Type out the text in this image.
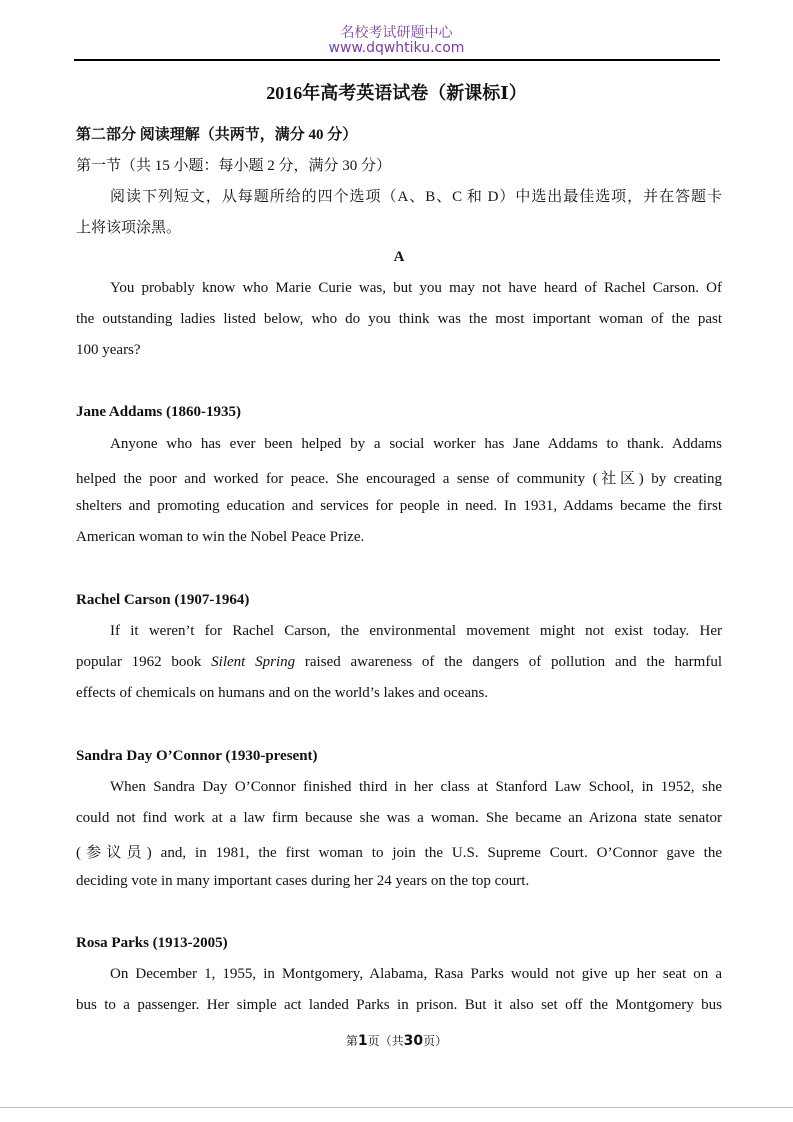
名校考试研题中心
www.dqwhtiku.com
2016年高考英语试卷（新课标Ⅰ）
第二部分 阅读理解（共两节，满分 40 分）
第一节（共 15 小题：每小题 2 分，满分 30 分）
阅读下列短文，从每题所给的四个选项（A、B、C 和 D）中选出最佳选项，并在答题卡
上将该项涂黑。
A
You probably know who Marie Curie was, but you may not have heard of Rachel Carson. Of
the outstanding ladies listed below, who do you think was the most important woman of the past
100 years?
Jane Addams (1860-1935)
Anyone who has ever been helped by a social worker has Jane Addams to thank. Addams
helped the poor and worked for peace. She encouraged a sense of community (社区) by creating
shelters and promoting education and services for people in need. In 1931, Addams became the first
American woman to win the Nobel Peace Prize.
Rachel Carson (1907-1964)
If it weren’t for Rachel Carson, the environmental movement might not exist today. Her
popular 1962 book Silent Spring raised awareness of the dangers of pollution and the harmful
effects of chemicals on humans and on the world’s lakes and oceans.
Sandra Day O’Connor (1930-present)
When Sandra Day O’Connor finished third in her class at Stanford Law School, in 1952, she
could not find work at a law firm because she was a woman. She became an Arizona state senator
(参议员) and, in 1981, the first woman to join the U.S. Supreme Court. O’Connor gave the
deciding vote in many important cases during her 24 years on the top court.
Rosa Parks (1913-2005)
On December 1, 1955, in Montgomery, Alabama, Rasa Parks would not give up her seat on a
bus to a passenger. Her simple act landed Parks in prison. But it also set off the Montgomery bus
第1页（共30页）
